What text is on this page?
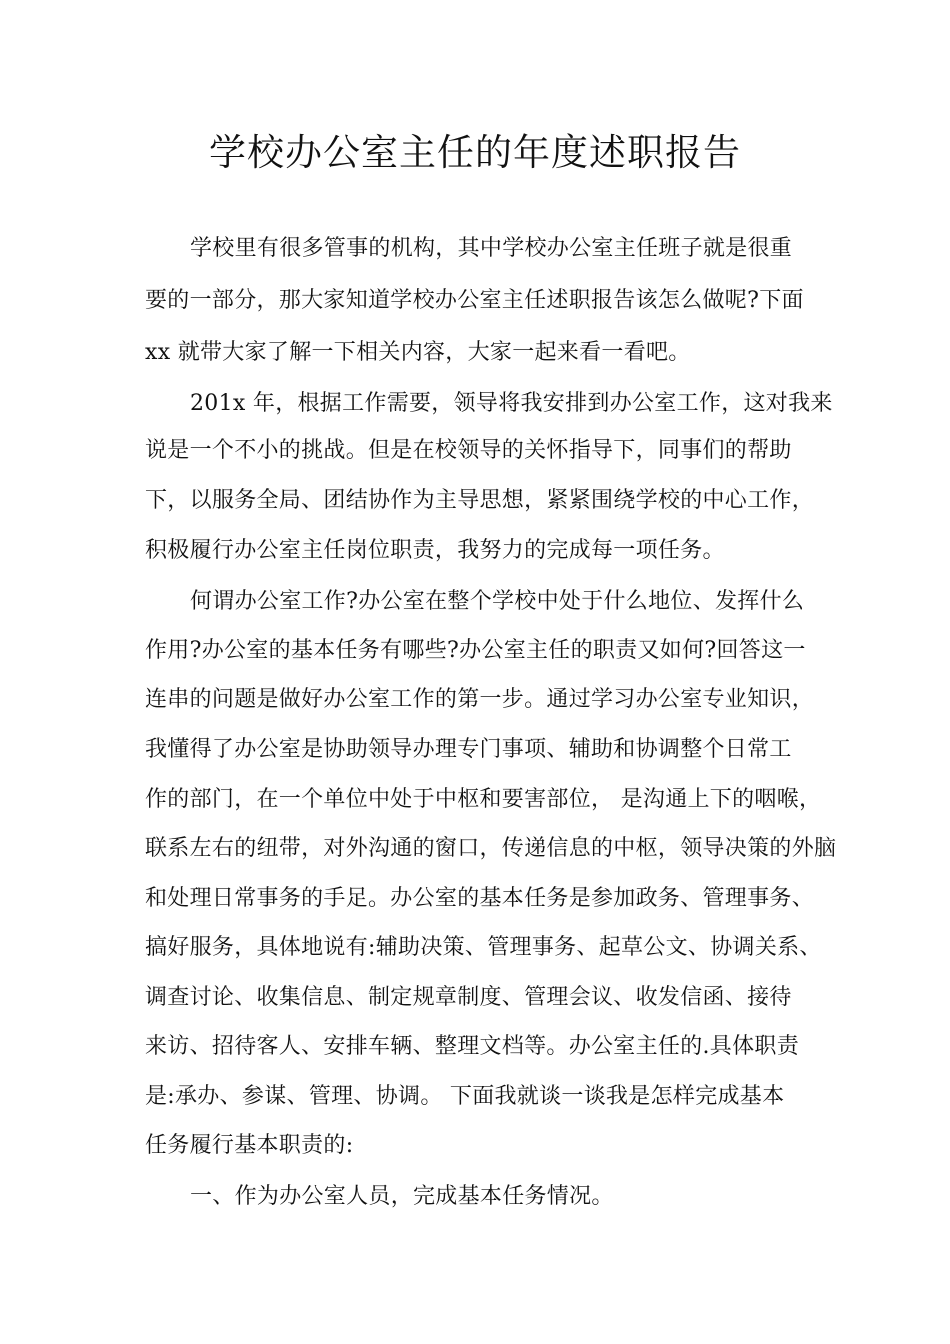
学校办公室主任的年度述职报告
学校里有很多管事的机构，其中学校办公室主任班子就是很重
要的一部分，那大家知道学校办公室主任述职报告该怎么做呢?下面
xx 就带大家了解一下相关内容，大家一起来看一看吧。
201x 年，根据工作需要，领导将我安排到办公室工作，这对我来
说是一个不小的挑战。但是在校领导的关怀指导下，同事们的帮助
下，以服务全局、团结协作为主导思想，紧紧围绕学校的中心工作，
积极履行办公室主任岗位职责，我努力的完成每一项任务。
何谓办公室工作?办公室在整个学校中处于什么地位、发挥什么
作用?办公室的基本任务有哪些?办公室主任的职责又如何?回答这一
连串的问题是做好办公室工作的第一步。通过学习办公室专业知识，
我懂得了办公室是协助领导办理专门事项、辅助和协调整个日常工
作的部门，在一个单位中处于中枢和要害部位， 是沟通上下的咽喉，
联系左右的纽带，对外沟通的窗口，传递信息的中枢，领导决策的外脑
和处理日常事务的手足。办公室的基本任务是参加政务、管理事务、
搞好服务，具体地说有:辅助决策、管理事务、起草公文、协调关系、
调查讨论、收集信息、制定规章制度、管理会议、收发信函、接待
来访、招待客人、安排车辆、整理文档等。办公室主任的.具体职责
是:承办、参谋、管理、协调。 下面我就谈一谈我是怎样完成基本
任务履行基本职责的:
一、作为办公室人员，完成基本任务情况。
